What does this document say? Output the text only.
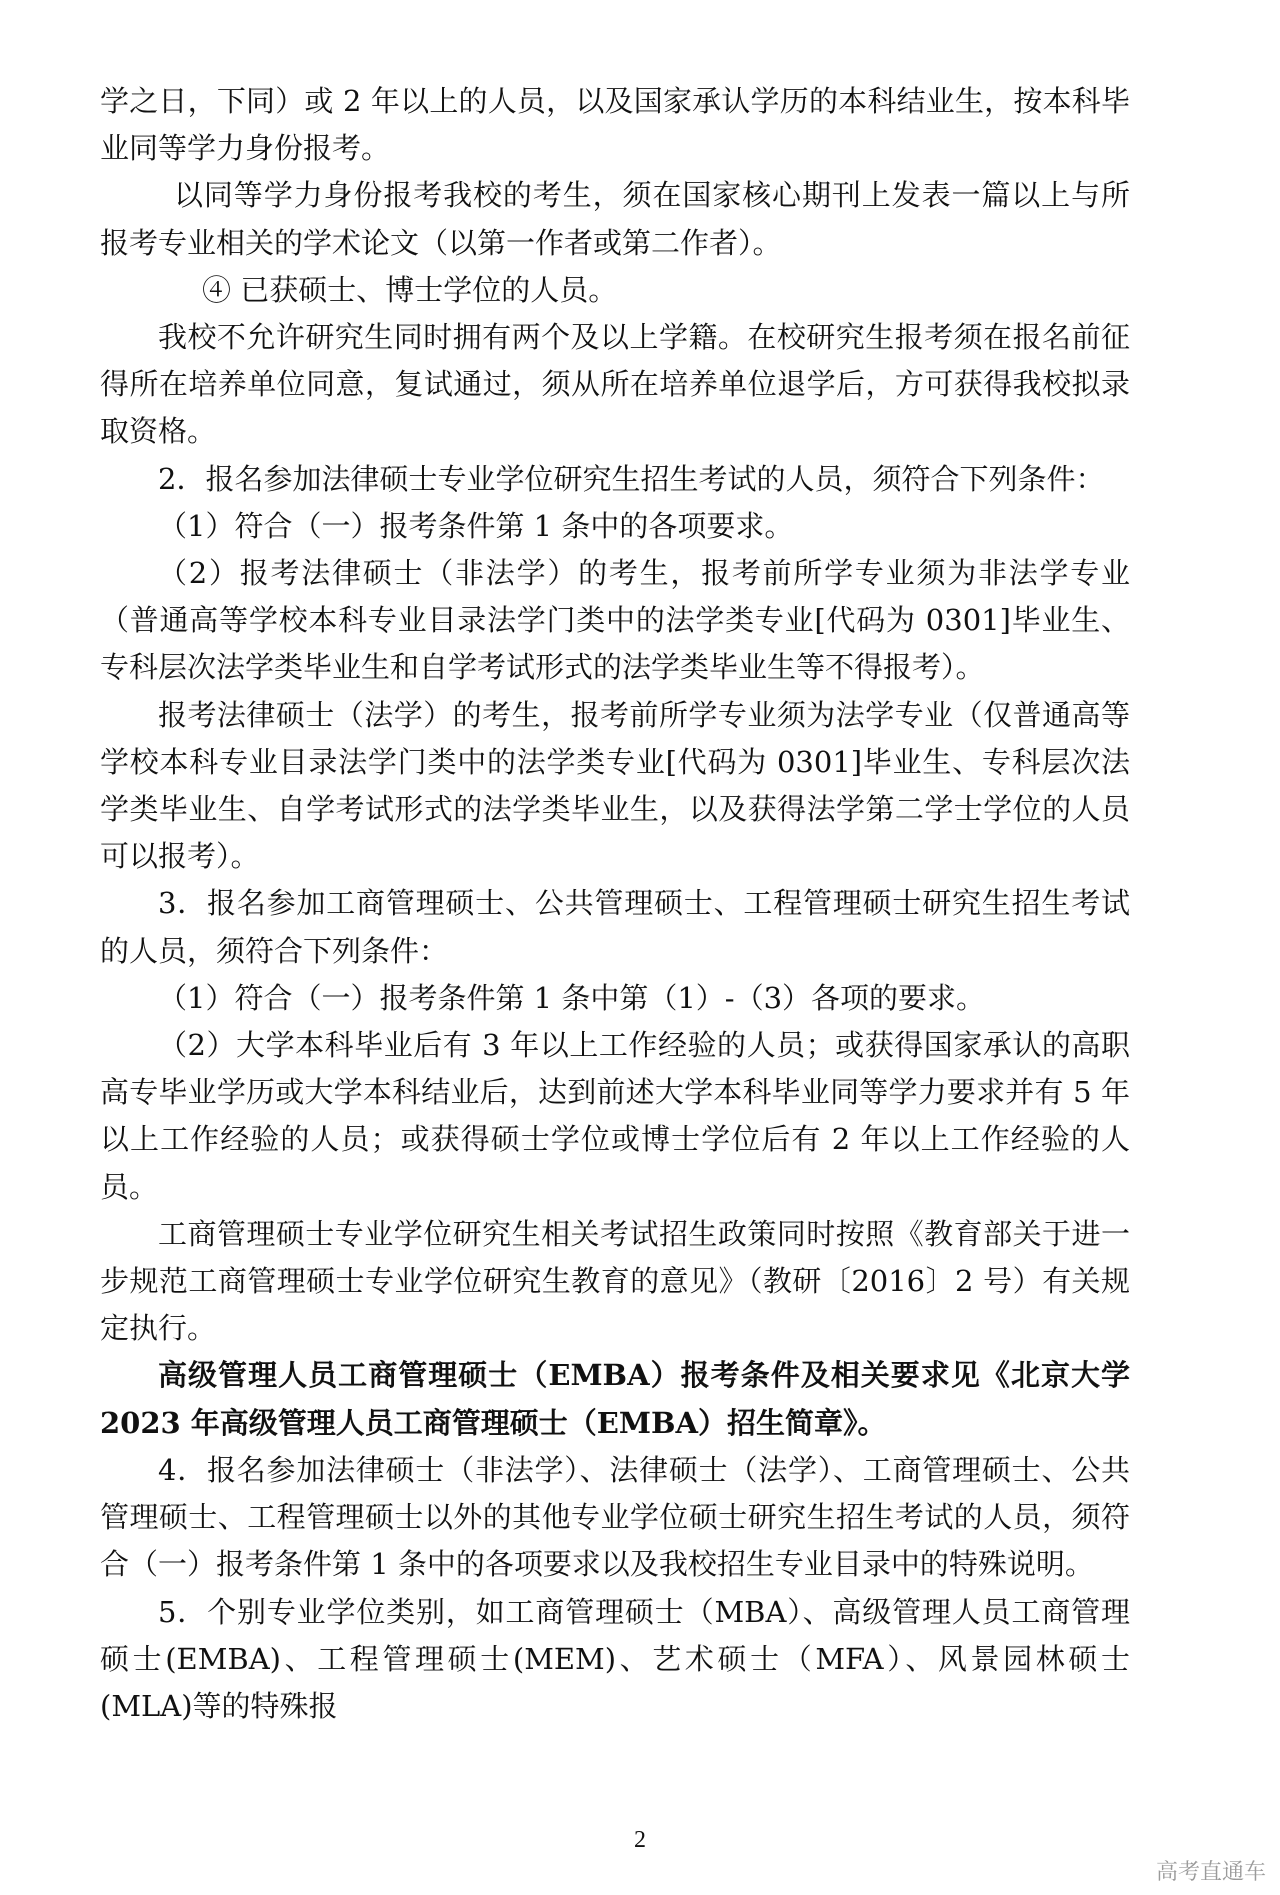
学之日，下同）或 2 年以上的人员，以及国家承认学历的本科结业生，按本科毕业同等学力身份报考。

以同等学力身份报考我校的考生，须在国家核心期刊上发表一篇以上与所报考专业相关的学术论文（以第一作者或第二作者）。

④ 已获硕士、博士学位的人员。

我校不允许研究生同时拥有两个及以上学籍。在校研究生报考须在报名前征得所在培养单位同意，复试通过，须从所在培养单位退学后，方可获得我校拟录取资格。

2．报名参加法律硕士专业学位研究生招生考试的人员，须符合下列条件：

（1）符合（一）报考条件第 1 条中的各项要求。

（2）报考法律硕士（非法学）的考生，报考前所学专业须为非法学专业（普通高等学校本科专业目录法学门类中的法学类专业[代码为 0301]毕业生、专科层次法学类毕业生和自学考试形式的法学类毕业生等不得报考）。

报考法律硕士（法学）的考生，报考前所学专业须为法学专业（仅普通高等学校本科专业目录法学门类中的法学类专业[代码为 0301]毕业生、专科层次法学类毕业生、自学考试形式的法学类毕业生，以及获得法学第二学士学位的人员可以报考）。

3．报名参加工商管理硕士、公共管理硕士、工程管理硕士研究生招生考试的人员，须符合下列条件：

（1）符合（一）报考条件第 1 条中第（1）-（3）各项的要求。

（2）大学本科毕业后有 3 年以上工作经验的人员；或获得国家承认的高职高专毕业学历或大学本科结业后，达到前述大学本科毕业同等学力要求并有 5 年以上工作经验的人员；或获得硕士学位或博士学位后有 2 年以上工作经验的人员。

工商管理硕士专业学位研究生相关考试招生政策同时按照《教育部关于进一步规范工商管理硕士专业学位研究生教育的意见》（教研〔2016〕2 号）有关规定执行。

高级管理人员工商管理硕士（EMBA）报考条件及相关要求见《北京大学 2023 年高级管理人员工商管理硕士（EMBA）招生简章》。

4．报名参加法律硕士（非法学）、法律硕士（法学）、工商管理硕士、公共管理硕士、工程管理硕士以外的其他专业学位硕士研究生招生考试的人员，须符合（一）报考条件第 1 条中的各项要求以及我校招生专业目录中的特殊说明。

5．个别专业学位类别，如工商管理硕士（MBA）、高级管理人员工商管理硕士(EMBA)、工程管理硕士(MEM)、艺术硕士（MFA）、风景园林硕士(MLA)等的特殊报

2
高考直通车
